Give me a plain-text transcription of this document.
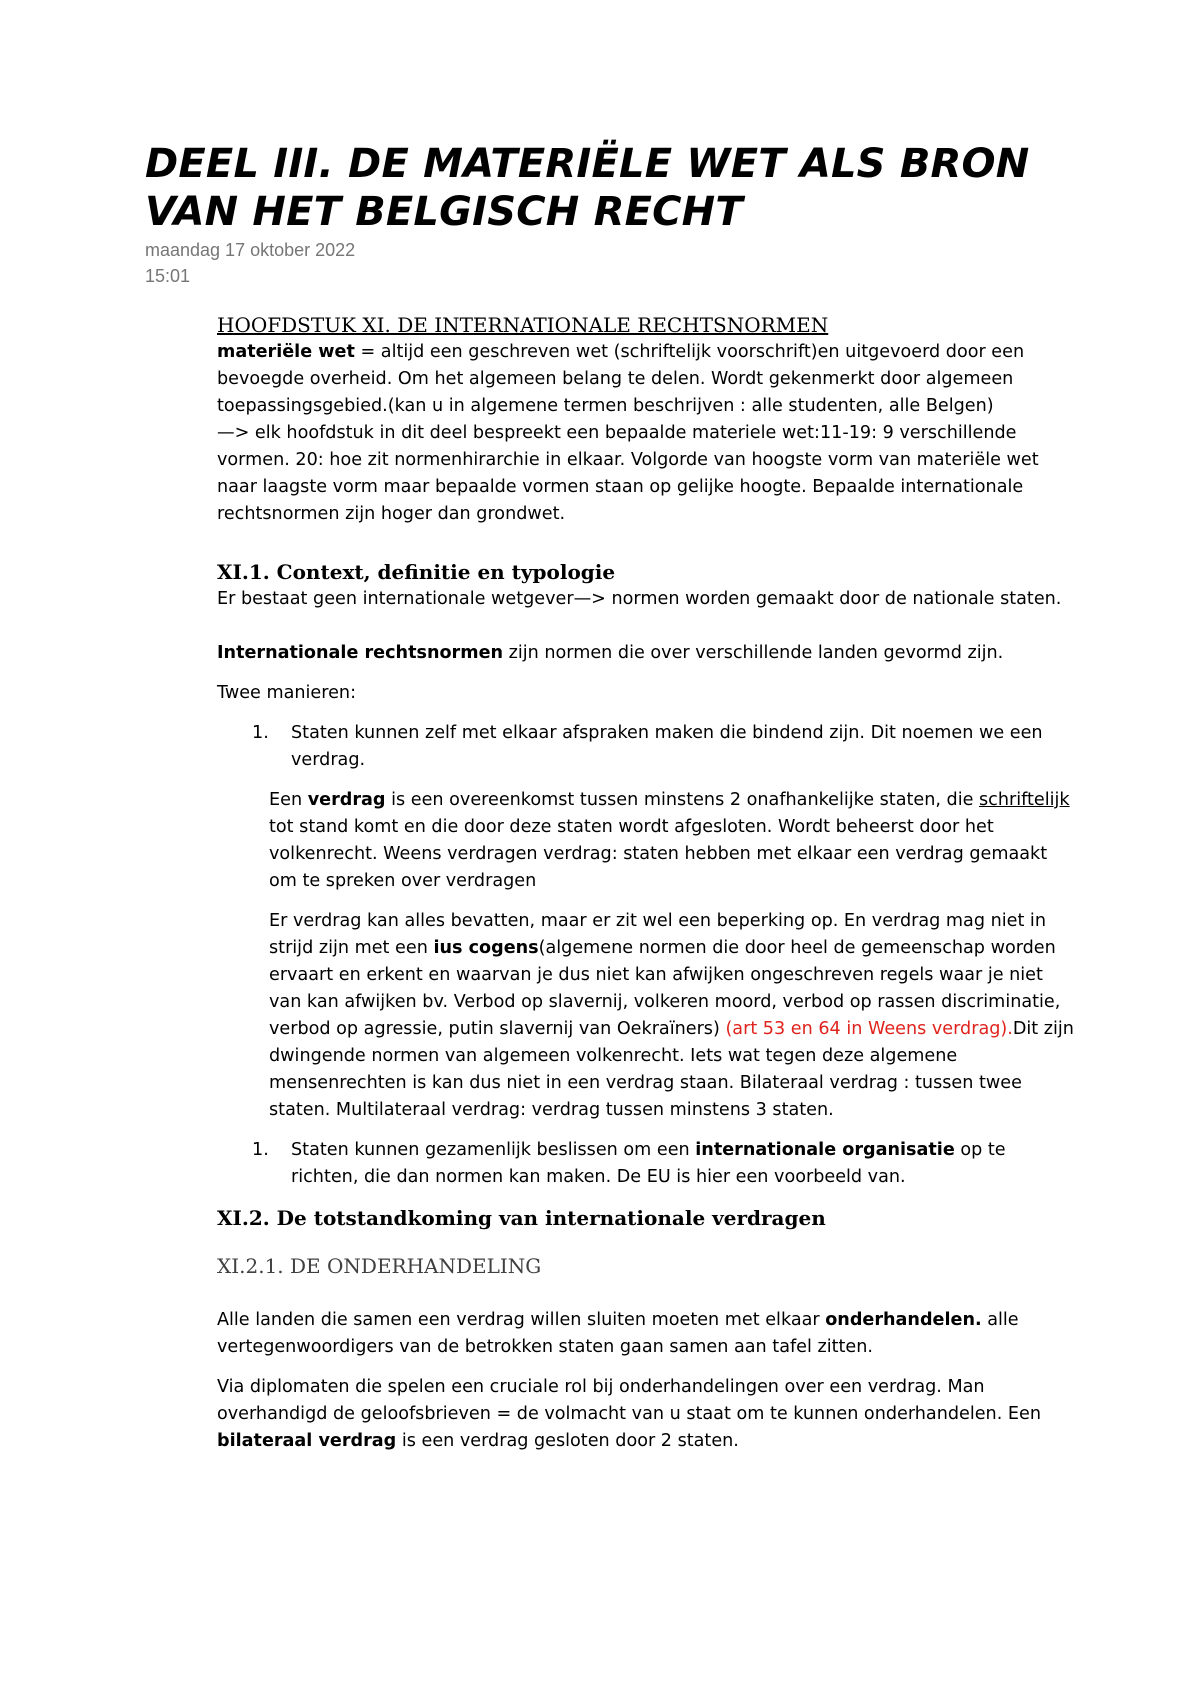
DEEL III. DE MATERIËLE WET ALS BRON
VAN HET BELGISCH RECHT
maandag 17 oktober 2022
15:01

HOOFDSTUK XI. DE INTERNATIONALE RECHTSNORMEN

materiële wet = altijd een geschreven wet (schriftelijk voorschrift)en uitgevoerd door een bevoegde overheid. Om het algemeen belang te delen. Wordt gekenmerkt door algemeen toepassingsgebied.(kan u in algemene termen beschrijven : alle studenten, alle Belgen)

—> elk hoofdstuk in dit deel bespreekt een bepaalde materiele wet:11-19: 9 verschillende vormen. 20: hoe zit normenhirarchie in elkaar. Volgorde van hoogste vorm van materiële wet naar laagste vorm maar bepaalde vormen staan op gelijke hoogte. Bepaalde internationale rechtsnormen zijn hoger dan grondwet.

XI.1. Context, definitie en typologie

Er bestaat geen internationale wetgever—> normen worden gemaakt door de nationale staten.

Internationale rechtsnormen zijn normen die over verschillende landen gevormd zijn.

Twee manieren:

1. Staten kunnen zelf met elkaar afspraken maken die bindend zijn. Dit noemen we een verdrag.

Een verdrag is een overeenkomst tussen minstens 2 onafhankelijke staten, die schriftelijk tot stand komt en die door deze staten wordt afgesloten. Wordt beheerst door het volkenrecht. Weens verdragen verdrag: staten hebben met elkaar een verdrag gemaakt om te spreken over verdragen

Er verdrag kan alles bevatten, maar er zit wel een beperking op. En verdrag mag niet in strijd zijn met een ius cogens(algemene normen die door heel de gemeenschap worden ervaart en erkent en waarvan je dus niet kan afwijken ongeschreven regels waar je niet van kan afwijken bv. Verbod op slavernij, volkeren moord, verbod op rassen discriminatie, verbod op agressie, putin slavernij van Oekraïners) (art 53 en 64 in Weens verdrag).Dit zijn dwingende normen van algemeen volkenrecht. Iets wat tegen deze algemene mensenrechten is kan dus niet in een verdrag staan. Bilateraal verdrag : tussen twee staten. Multilateraal verdrag: verdrag tussen minstens 3 staten.

1. Staten kunnen gezamenlijk beslissen om een internationale organisatie op te richten, die dan normen kan maken. De EU is hier een voorbeeld van.

XI.2. De totstandkoming van internationale verdragen

XI.2.1. DE ONDERHANDELING

Alle landen die samen een verdrag willen sluiten moeten met elkaar onderhandelen. alle vertegenwoordigers van de betrokken staten gaan samen aan tafel zitten.

Via diplomaten die spelen een cruciale rol bij onderhandelingen over een verdrag. Man overhandigd de geloofsbrieven = de volmacht van u staat om te kunnen onderhandelen. Een bilateraal verdrag is een verdrag gesloten door 2 staten.
